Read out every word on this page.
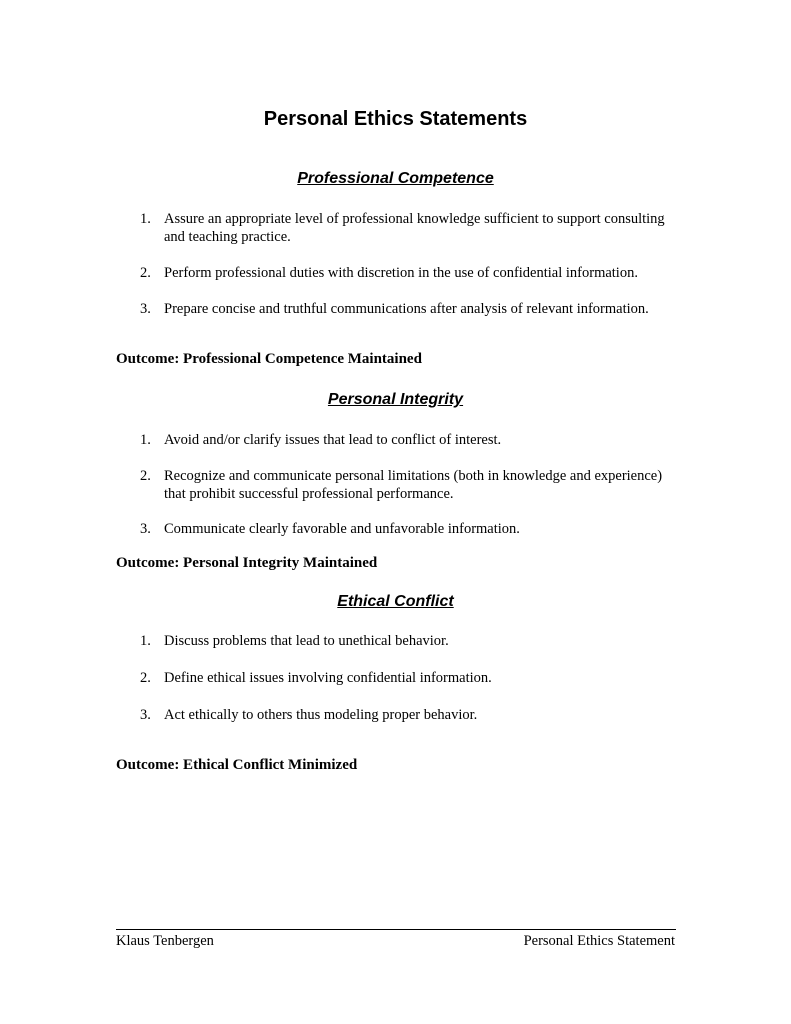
Personal Ethics Statements
Professional Competence
1. Assure an appropriate level of professional knowledge sufficient to support consulting and teaching practice.
2. Perform professional duties with discretion in the use of confidential information.
3. Prepare concise and truthful communications after analysis of relevant information.
Outcome: Professional Competence Maintained
Personal Integrity
1. Avoid and/or clarify issues that lead to conflict of interest.
2. Recognize and communicate personal limitations (both in knowledge and experience) that prohibit successful professional performance.
3. Communicate clearly favorable and unfavorable information.
Outcome: Personal Integrity Maintained
Ethical Conflict
1. Discuss problems that lead to unethical behavior.
2. Define ethical issues involving confidential information.
3. Act ethically to others thus modeling proper behavior.
Outcome: Ethical Conflict Minimized
Klaus Tenbergen	Personal Ethics Statement
